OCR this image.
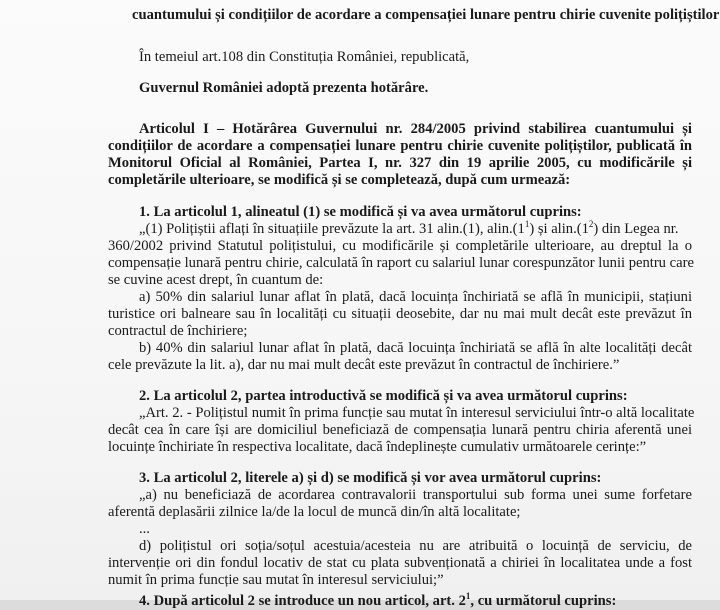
cuantumului și condițiilor de acordare a compensației lunare pentru chirie cuvenite polițiștilor
În temeiul art.108 din Constituția României, republicată,
Guvernul României adoptă prezenta hotărâre.
Articolul I – Hotărârea Guvernului nr. 284/2005 privind stabilirea cuantumului și
condițiilor de acordare a compensației lunare pentru chirie cuvenite polițiștilor, publicată în
Monitorul Oficial al României, Partea I, nr. 327 din 19 aprilie 2005, cu modificările și
completările ulterioare, se modifică și se completează, după cum urmează:
1. La articolul 1, alineatul (1) se modifică și va avea următorul cuprins:
„(1) Polițiștii aflați în situațiile prevăzute la art. 31 alin.(1), $alin.(1^1)$ și $alin.(1^2)$ din Legea nr.
360/2002 privind Statutul polițistului, cu modificările și completările ulterioare, au dreptul la o
compensație lunară pentru chirie, calculată în raport cu salariul lunar corespunzător lunii pentru care
se cuvine acest drept, în cuantum de:
a) 50% din salariul lunar aflat în plată, dacă locuința închiriată se află în municipii, stațiuni
turistice ori balneare sau în localități cu situații deosebite, dar nu mai mult decât este prevăzut în
contractul de închiriere;
b) 40% din salariul lunar aflat în plată, dacă locuința închiriată se află în alte localități decât
cele prevăzute la lit. a), dar nu mai mult decât este prevăzut în contractul de închiriere.”
2. La articolul 2, partea introductivă se modifică și va avea următorul cuprins:
„Art. 2. - Polițistul numit în prima funcție sau mutat în interesul serviciului într-o altă localitate
decât cea în care își are domiciliul beneficiază de compensația lunară pentru chiria aferentă unei
locuințe închiriate în respectiva localitate, dacă îndeplinește cumulativ următoarele cerințe:”
3. La articolul 2, literele a) și d) se modifică și vor avea următorul cuprins:
„a) nu beneficiază de acordarea contravalorii transportului sub forma unei sume forfetare
aferentă deplasării zilnice la/de la locul de muncă din/în altă localitate;
...
d) polițistul ori soția/soțul acestuia/acesteia nu are atribuită o locuință de serviciu, de
intervenție ori din fondul locativ de stat cu plata subvenționată a chiriei în localitatea unde a fost
numit în prima funcție sau mutat în interesul serviciului;”
4. După articolul 2 se introduce un nou articol, art. $2^1$, cu următorul cuprins:
